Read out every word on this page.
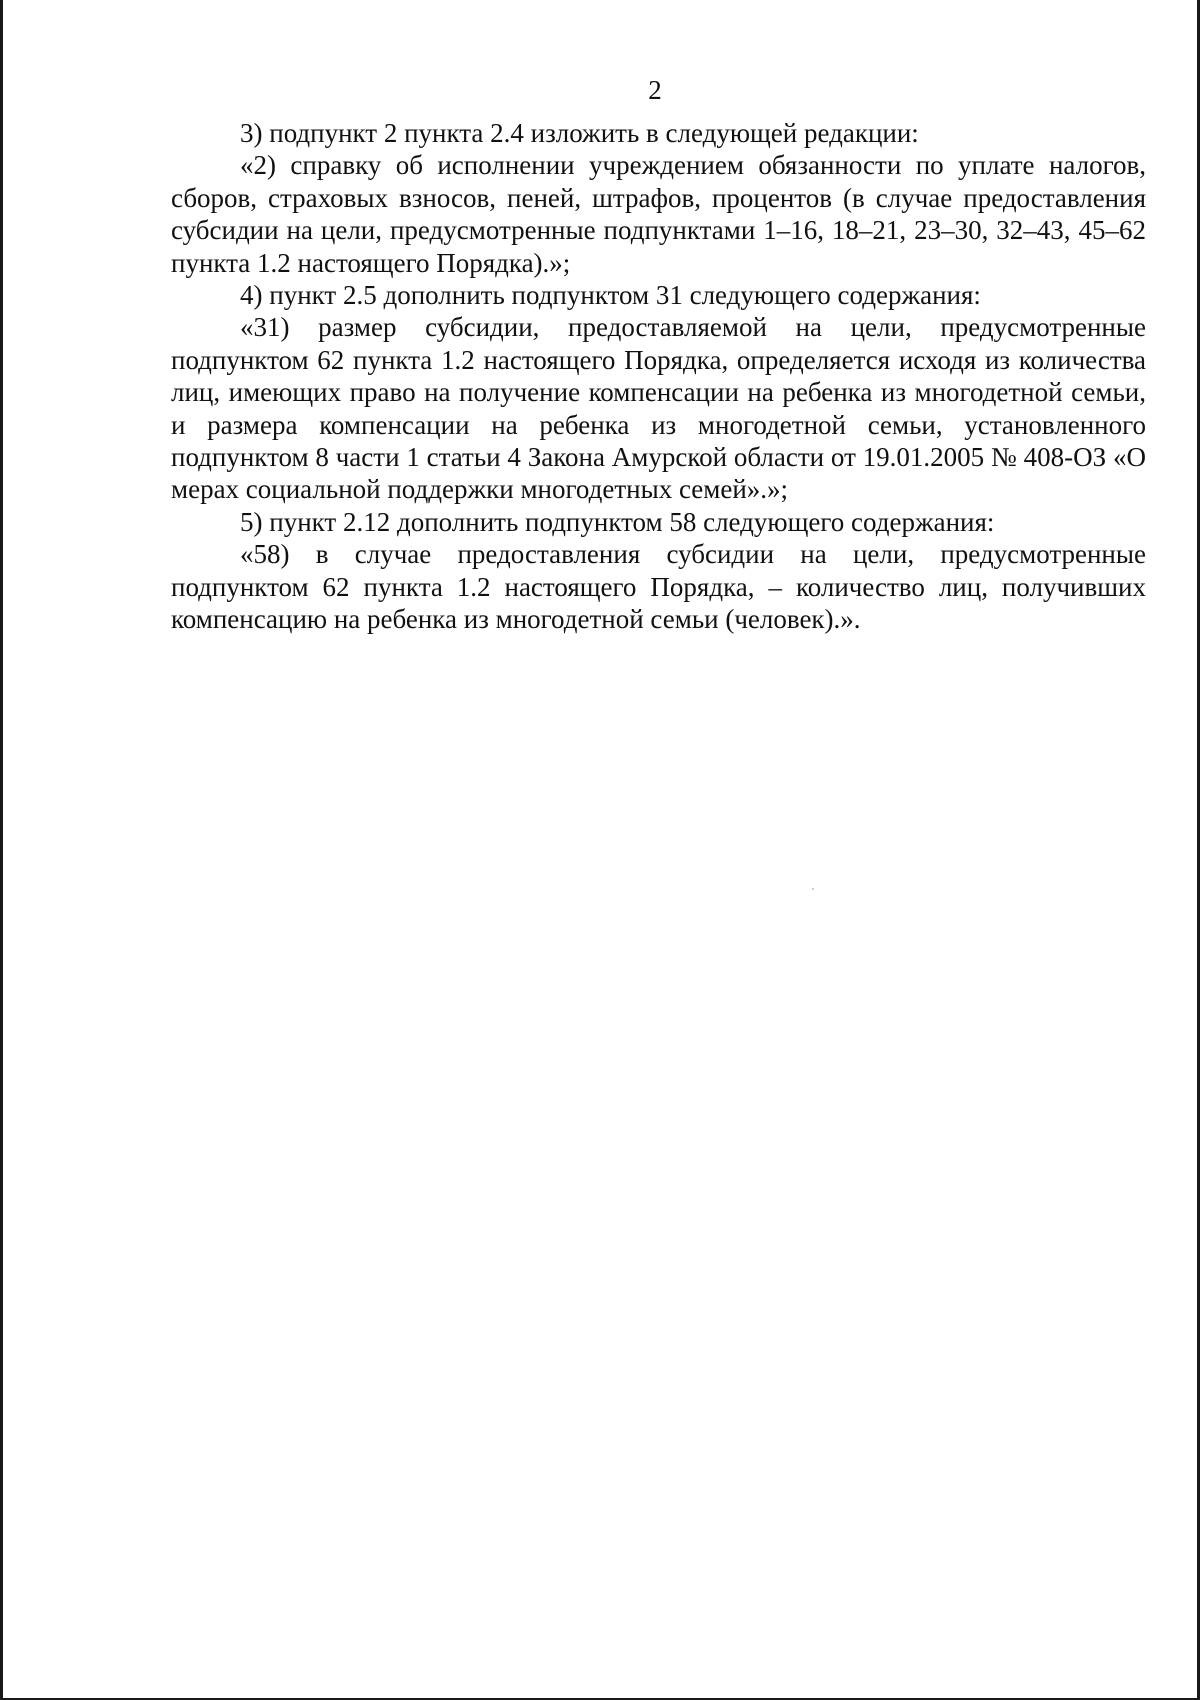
2

3) подпункт 2 пункта 2.4 изложить в следующей редакции:

«2) справку об исполнении учреждением обязанности по уплате налогов, сборов, страховых взносов, пеней, штрафов, процентов (в случае предоставления субсидии на цели, предусмотренные подпунктами 1–16, 18–21, 23–30, 32–43, 45–62 пункта 1.2 настоящего Порядка).»;

4) пункт 2.5 дополнить подпунктом 31 следующего содержания:

«31) размер субсидии, предоставляемой на цели, предусмотренные подпунктом 62 пункта 1.2 настоящего Порядка, определяется исходя из количества лиц, имеющих право на получение компенсации на ребенка из многодетной семьи, и размера компенсации на ребенка из многодетной семьи, установленного подпунктом 8 части 1 статьи 4 Закона Амурской области от 19.01.2005 № 408-ОЗ «О мерах социальной поддержки многодетных семей».»;

5) пункт 2.12 дополнить подпунктом 58 следующего содержания:

«58) в случае предоставления субсидии на цели, предусмотренные подпунктом 62 пункта 1.2 настоящего Порядка, – количество лиц, получивших компенсацию на ребенка из многодетной семьи (человек).».
